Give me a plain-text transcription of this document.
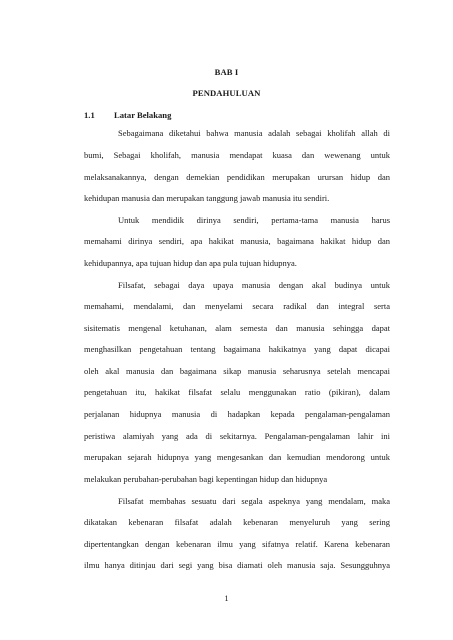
BAB I
PENDAHULUAN
1.1 Latar Belakang
Sebagaimana diketahui bahwa manusia adalah sebagai kholifah allah di
bumi, Sebagai kholifah, manusia mendapat kuasa dan wewenang untuk
melaksanakannya, dengan demekian pendidikan merupakan urursan hidup dan
kehidupan manusia dan merupakan tanggung jawab manusia itu sendiri.
Untuk mendidik dirinya sendiri, pertama-tama manusia harus
memahami dirinya sendiri, apa hakikat manusia, bagaimana hakikat hidup dan
kehidupannya, apa tujuan hidup dan apa pula tujuan hidupnya.
Filsafat, sebagai daya upaya manusia dengan akal budinya untuk
memahami, mendalami, dan menyelami secara radikal dan integral serta
sisitematis mengenal ketuhanan, alam semesta dan manusia sehingga dapat
menghasilkan pengetahuan tentang bagaimana hakikatnya yang dapat dicapai
oleh akal manusia dan bagaimana sikap manusia seharusnya setelah mencapai
pengetahuan itu, hakikat filsafat selalu menggunakan ratio (pikiran), dalam
perjalanan hidupnya manusia di hadapkan kepada pengalaman-pengalaman
peristiwa alamiyah yang ada di sekitarnya. Pengalaman-pengalaman lahir ini
merupakan sejarah hidupnya yang mengesankan dan kemudian mendorong untuk
melakukan perubahan-perubahan bagi kepentingan hidup dan hidupnya
Filsafat membahas sesuatu dari segala aspeknya yang mendalam, maka
dikatakan kebenaran filsafat adalah kebenaran menyeluruh yang sering
dipertentangkan dengan kebenaran ilmu yang sifatnya relatif. Karena kebenaran
ilmu hanya ditinjau dari segi yang bisa diamati oleh manusia saja. Sesungguhnya
1
